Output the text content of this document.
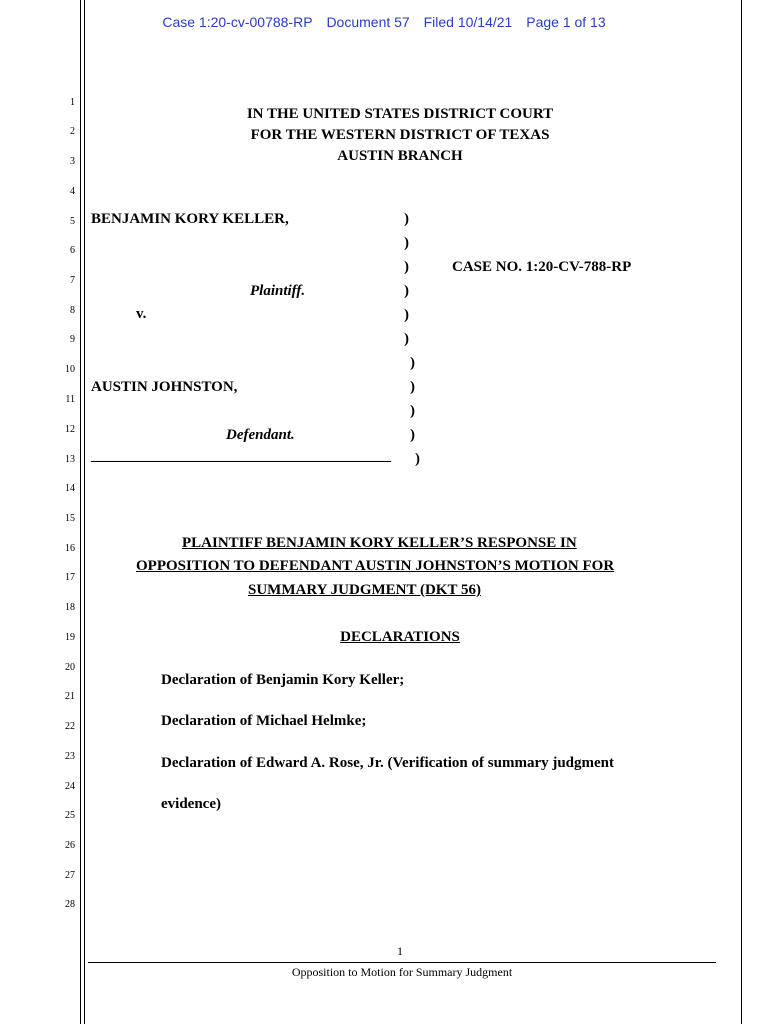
Case 1:20-cv-00788-RP Document 57 Filed 10/14/21 Page 1 of 13
1
2
3
4
5
6
7
8
9
10
11
12
13
14
15
16
17
18
19
20
21
22
23
24
25
26
27
28
IN THE UNITED STATES DISTRICT COURT
FOR THE WESTERN DISTRICT OF TEXAS
AUSTIN BRANCH
BENJAMIN KORY KELLER,
Plaintiff.
v.
AUSTIN JOHNSTON,
Defendant.
________________________________________
)
)
)
)
)
)
)
)
)
)
)
CASE NO. 1:20-CV-788-RP
PLAINTIFF BENJAMIN KORY KELLER’S RESPONSE IN
OPPOSITION TO DEFENDANT AUSTIN JOHNSTON’S MOTION FOR
SUMMARY JUDGMENT (DKT 56)
DECLARATIONS
Declaration of Benjamin Kory Keller;
Declaration of Michael Helmke;
Declaration of Edward A. Rose, Jr. (Verification of summary judgment
evidence)
1
Opposition to Motion for Summary Judgment
